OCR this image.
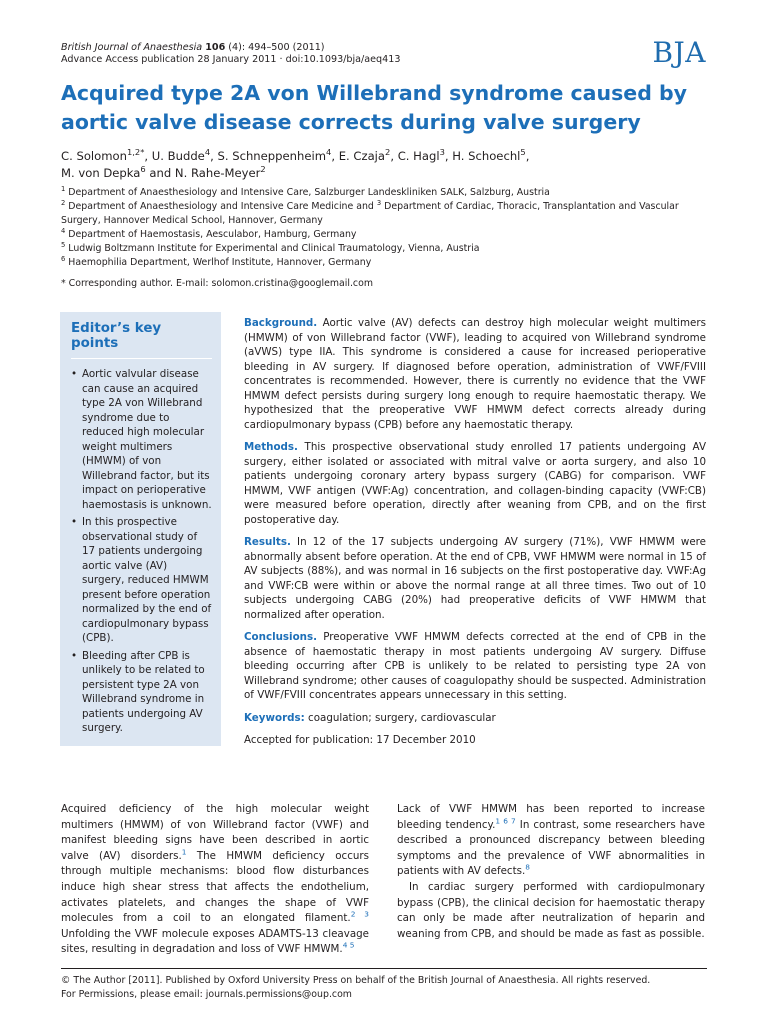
British Journal of Anaesthesia 106 (4): 494–500 (2011)
Advance Access publication 28 January 2011 · doi:10.1093/bja/aeq413	BJA
Acquired type 2A von Willebrand syndrome caused by aortic valve disease corrects during valve surgery
C. Solomon$^{1,2*}$, U. Budde$^4$, S. Schneppenheim$^4$, E. Czaja$^2$, C. Hagl$^3$, H. Schoechl$^5$,
M. von Depka$^6$ and N. Rahe-Meyer$^2$

$^1$ Department of Anaesthesiology and Intensive Care, Salzburger Landeskliniken SALK, Salzburg, Austria

$^2$ Department of Anaesthesiology and Intensive Care Medicine and $^3$ Department of Cardiac, Thoracic, Transplantation and Vascular Surgery, Hannover Medical School, Hannover, Germany

$^4$ Department of Haemostasis, Aesculabor, Hamburg, Germany

$^5$ Ludwig Boltzmann Institute for Experimental and Clinical Traumatology, Vienna, Austria

$^6$ Haemophilia Department, Werlhof Institute, Hannover, Germany

* Corresponding author. E-mail: solomon.cristina@googlemail.com
Editor’s key points
• Aortic valvular disease can cause an acquired type 2A von Willebrand syndrome due to reduced high molecular weight multimers (HMWM) of von Willebrand factor, but its impact on perioperative haemostasis is unknown.
• In this prospective observational study of 17 patients undergoing aortic valve (AV) surgery, reduced HMWM present before operation normalized by the end of cardiopulmonary bypass (CPB).
• Bleeding after CPB is unlikely to be related to persistent type 2A von Willebrand syndrome in patients undergoing AV surgery.

Background. Aortic valve (AV) defects can destroy high molecular weight multimers (HMWM) of von Willebrand factor (VWF), leading to acquired von Willebrand syndrome (aVWS) type IIA. This syndrome is considered a cause for increased perioperative bleeding in AV surgery. If diagnosed before operation, administration of VWF/FVIII concentrates is recommended. However, there is currently no evidence that the VWF HMWM defect persists during surgery long enough to require haemostatic therapy. We hypothesized that the preoperative VWF HMWM defect corrects already during cardiopulmonary bypass (CPB) before any haemostatic therapy.

Methods. This prospective observational study enrolled 17 patients undergoing AV surgery, either isolated or associated with mitral valve or aorta surgery, and also 10 patients undergoing coronary artery bypass surgery (CABG) for comparison. VWF HMWM, VWF antigen (VWF:Ag) concentration, and collagen-binding capacity (VWF:CB) were measured before operation, directly after weaning from CPB, and on the first postoperative day.

Results. In 12 of the 17 subjects undergoing AV surgery (71%), VWF HMWM were abnormally absent before operation. At the end of CPB, VWF HMWM were normal in 15 of AV subjects (88%), and was normal in 16 subjects on the first postoperative day. VWF:Ag and VWF:CB were within or above the normal range at all three times. Two out of 10 subjects undergoing CABG (20%) had preoperative deficits of VWF HMWM that normalized after operation.

Conclusions. Preoperative VWF HMWM defects corrected at the end of CPB in the absence of haemostatic therapy in most patients undergoing AV surgery. Diffuse bleeding occurring after CPB is unlikely to be related to persisting type 2A von Willebrand syndrome; other causes of coagulopathy should be suspected. Administration of VWF/FVIII concentrates appears unnecessary in this setting.

Keywords: coagulation; surgery, cardiovascular

Accepted for publication: 17 December 2010

Acquired deficiency of the high molecular weight multimers (HMWM) of von Willebrand factor (VWF) and manifest bleeding signs have been described in aortic valve (AV) disorders.$^1$ The HMWM deficiency occurs through multiple mechanisms: blood flow disturbances induce high shear stress that affects the endothelium, activates platelets, and changes the shape of VWF molecules from a coil to an elongated filament.$^{2 3}$ Unfolding the VWF molecule exposes ADAMTS-13 cleavage sites, resulting in degradation and loss of VWF HMWM.$^{4 5}$

Lack of VWF HMWM has been reported to increase bleeding tendency.$^{1 6 7}$ In contrast, some researchers have described a pronounced discrepancy between bleeding symptoms and the prevalence of VWF abnormalities in patients with AV defects.$^8$

In cardiac surgery performed with cardiopulmonary bypass (CPB), the clinical decision for haemostatic therapy can only be made after neutralization of heparin and weaning from CPB, and should be made as fast as possible.

© The Author [2011]. Published by Oxford University Press on behalf of the British Journal of Anaesthesia. All rights reserved.
For Permissions, please email: journals.permissions@oup.com
